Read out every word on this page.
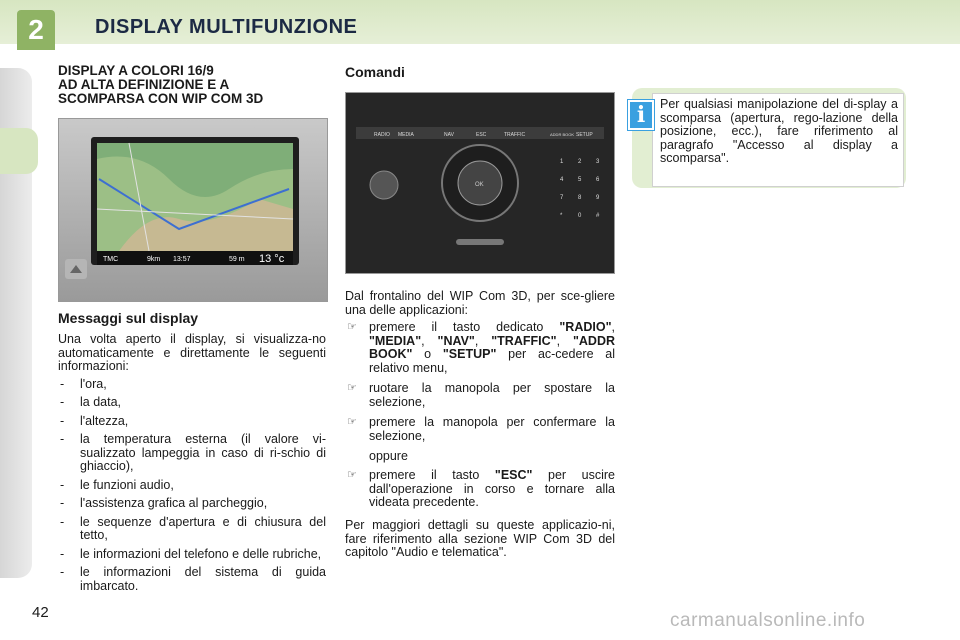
2	DISPLAY MULTIFUNZIONE
DISPLAY A COLORI 16/9
AD ALTA DEFINIZIONE E A
SCOMPARSA CON WIP COM 3D
TMC	9km 13:57	59 m 13 °c
Messaggi sul display

Una volta aperto il display, si visualizza-no automaticamente e direttamente le seguenti informazioni:

- l'ora,
- la data,
- l'altezza,
- la temperatura esterna (il valore vi-sualizzato lampeggia in caso di ri-schio di ghiaccio),
- le funzioni audio,
- l'assistenza grafica al parcheggio,
- le sequenze d'apertura e di chiusura del tetto,
- le informazioni del telefono e delle rubriche,
- le informazioni del sistema di guida imbarcato.
Comandi
RADIO MEDIA	NAV	ESC	TRAFFIC	ADDR BOOK SETUP
OK
1 2 3
4 5 6
7 8 9
*	0 #

Dal frontalino del WIP Com 3D, per sce-gliere una delle applicazioni:

☞ premere il tasto dedicato "RADIO", "MEDIA", "NAV", "TRAFFIC", "ADDR BOOK" o "SETUP" per ac-cedere al relativo menu,
☞ ruotare la manopola per spostare la selezione,
☞ premere la manopola per confermare la selezione,

oppure

☞ premere il tasto "ESC" per uscire dall'operazione in corso e tornare alla videata precedente.

Per maggiori dettagli su queste applicazio-ni, fare riferimento alla sezione WIP Com 3D del capitolo "Audio e telematica".

i	Per qualsiasi manipolazione del di-splay a scomparsa (apertura, rego-lazione della posizione, ecc.), fare riferimento al paragrafo "Accesso al display a scomparsa".

42	carmanualsonline.info
